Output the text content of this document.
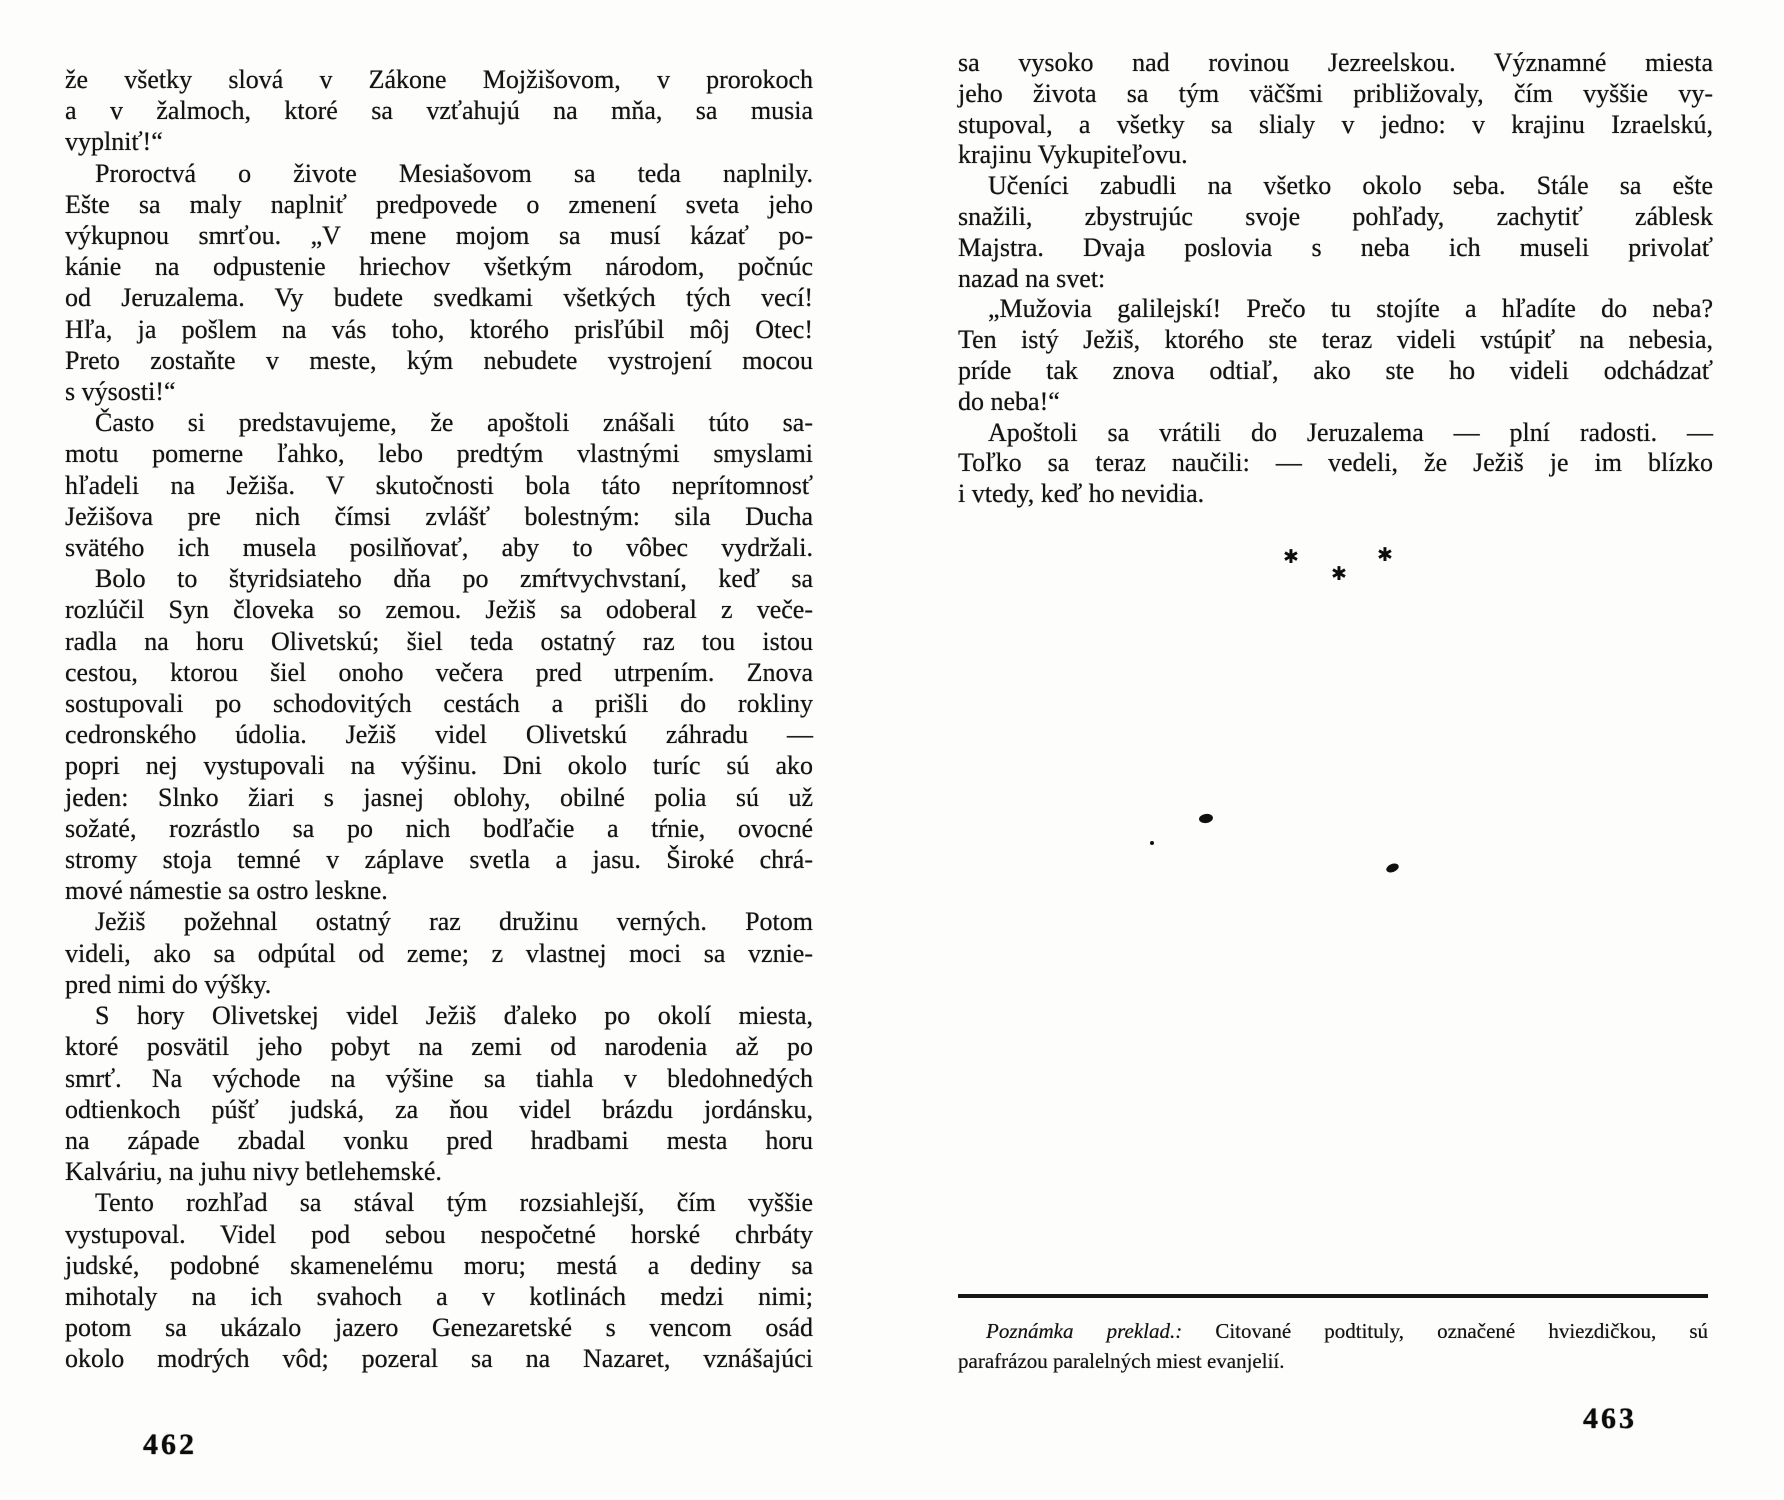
že všetky slová v Zákone Mojžišovom, v prorokoch
a v žalmoch, ktoré sa vzťahujú na mňa, sa musia
vyplniť!“
Proroctvá o živote Mesiašovom sa teda naplnily.
Ešte sa maly naplniť predpovede o zmenení sveta jeho
výkupnou smrťou. „V mene mojom sa musí kázať po-
kánie na odpustenie hriechov všetkým národom, počnúc
od Jeruzalema. Vy budete svedkami všetkých tých vecí!
Hľa, ja pošlem na vás toho, ktorého prisľúbil môj Otec!
Preto zostaňte v meste, kým nebudete vystrojení mocou
s výsosti!“
Často si predstavujeme, že apoštoli znášali túto sa-
motu pomerne ľahko, lebo predtým vlastnými smyslami
hľadeli na Ježiša. V skutočnosti bola táto neprítomnosť
Ježišova pre nich čímsi zvlášť bolestným: sila Ducha
svätého ich musela posilňovať, aby to vôbec vydržali.
Bolo to štyridsiateho dňa po zmŕtvychvstaní, keď sa
rozlúčil Syn človeka so zemou. Ježiš sa odoberal z veče-
radla na horu Olivetskú; šiel teda ostatný raz tou istou
cestou, ktorou šiel onoho večera pred utrpením. Znova
sostupovali po schodovitých cestách a prišli do rokliny
cedronského údolia. Ježiš videl Olivetskú záhradu —
popri nej vystupovali na výšinu. Dni okolo turíc sú ako
jeden: Slnko žiari s jasnej oblohy, obilné polia sú už
sožaté, rozrástlo sa po nich bodľačie a tŕnie, ovocné
stromy stoja temné v záplave svetla a jasu. Široké chrá-
mové námestie sa ostro leskne.
Ježiš požehnal ostatný raz družinu verných. Potom
videli, ako sa odpútal od zeme; z vlastnej moci sa vznie-
pred nimi do výšky.
S hory Olivetskej videl Ježiš ďaleko po okolí miesta,
ktoré posvätil jeho pobyt na zemi od narodenia až po
smrť. Na východe na výšine sa tiahla v bledohnedých
odtienkoch púšť judská, za ňou videl brázdu jordánsku,
na západe zbadal vonku pred hradbami mesta horu
Kalváriu, na juhu nivy betlehemské.
Tento rozhľad sa stával tým rozsiahlejší, čím vyššie
vystupoval. Videl pod sebou nespočetné horské chrbáty
judské, podobné skamenelému moru; mestá a dediny sa
mihotaly na ich svahoch a v kotlinách medzi nimi;
potom sa ukázalo jazero Genezaretské s vencom osád
okolo modrých vôd; pozeral sa na Nazaret, vznášajúci
sa vysoko nad rovinou Jezreelskou. Významné miesta
jeho života sa tým väčšmi približovaly, čím vyššie vy-
stupoval, a všetky sa slialy v jedno: v krajinu Izraelskú,
krajinu Vykupiteľovu.
Učeníci zabudli na všetko okolo seba. Stále sa ešte
snažili, zbystrujúc svoje pohľady, zachytiť záblesk
Majstra. Dvaja poslovia s neba ich museli privolať
nazad na svet:
„Mužovia galilejskí! Prečo tu stojíte a hľadíte do neba?
Ten istý Ježiš, ktorého ste teraz videli vstúpiť na nebesia,
príde tak znova odtiaľ, ako ste ho videli odchádzať
do neba!“
Apoštoli sa vrátili do Jeruzalema — plní radosti. —
Toľko sa teraz naučili: — vedeli, že Ježiš je im blízko
i vtedy, keď ho nevidia.
✱
✱
✱
Poznámka preklad.: Citované podtituly, označené hviezdičkou, sú
parafrázou paralelných miest evanjelií.
462
463
